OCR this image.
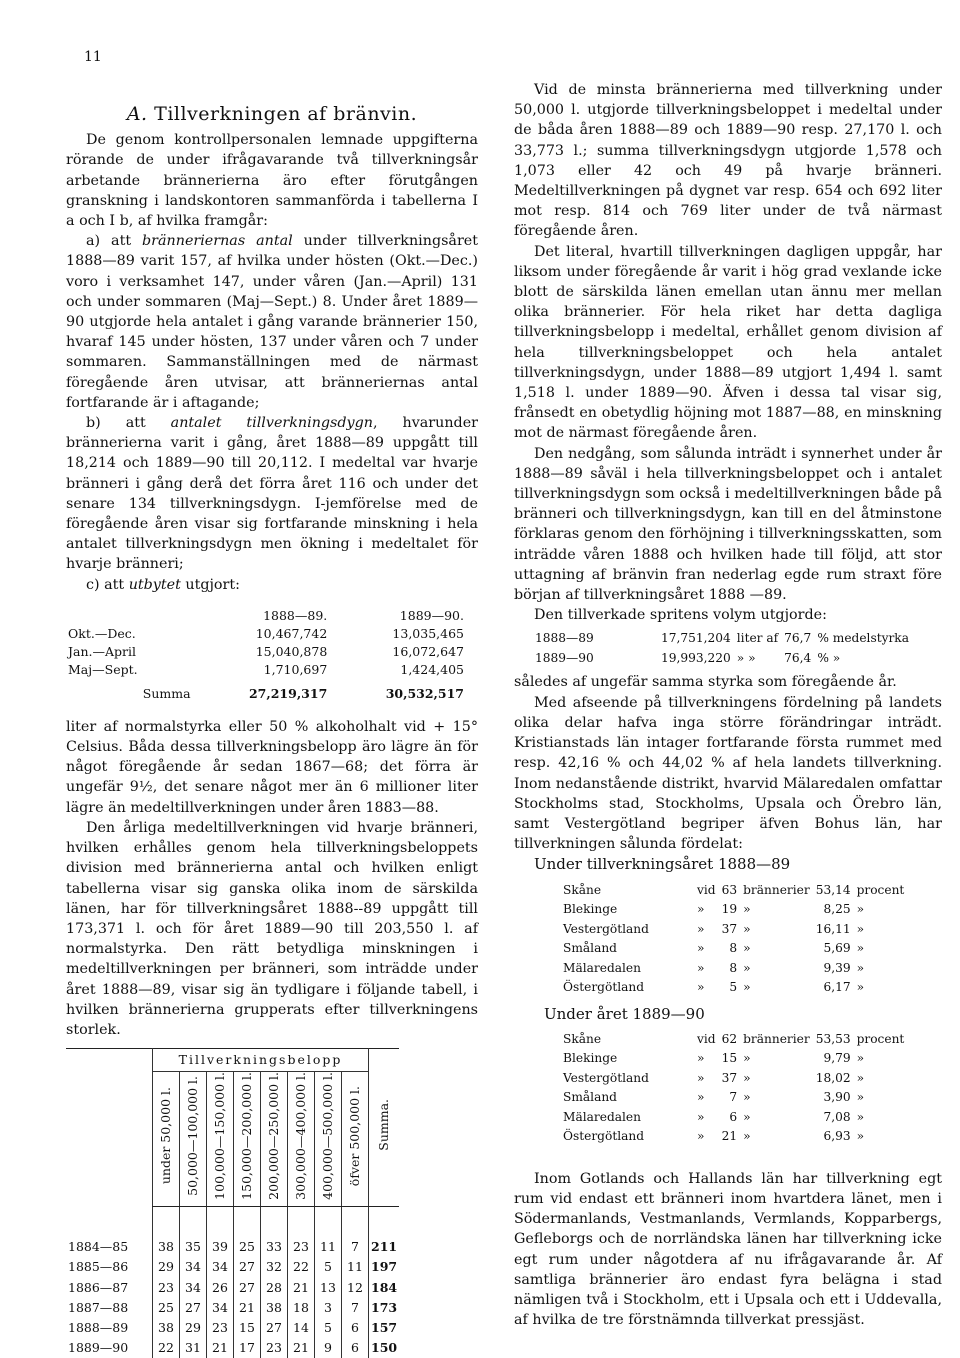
11
A. Tillverkningen af bränvin.

De genom kontrollpersonalen lemnade uppgifterna rörande de under ifrågavarande två tillverkningsår arbetande brännerierna äro efter förutgången granskning i landskontoren sammanförda i tabellerna I a och I b, af hvilka framgår:

a) att bränneriernas antal under tillverkningsåret 1888—89 varit 157, af hvilka under hösten (Okt.—Dec.) voro i verksamhet 147, under våren (Jan.—April) 131 och under sommaren (Maj—Sept.) 8. Under året 1889—90 utgjorde hela antalet i gång varande brännerier 150, hvaraf 145 under hösten, 137 under våren och 7 under sommaren. Sammanställningen med de närmast föregående åren utvisar, att bränneriernas antal fortfarande är i aftagande;

b) att antalet tillverkningsdygn, hvarunder brännerierna varit i gång, året 1888—89 uppgått till 18,214 och 1889—90 till 20,112. I medeltal var hvarje bränneri i gång derå det förra året 116 och under det senare 134 tillverkningsdygn. I-jemförelse med de föregående åren visar sig fortfarande minskning i hela antalet tillverkningsdygn men ökning i medeltalet för hvarje bränneri;

c) att utbytet utgjort:

	1888—89.	1889—90.
Okt.—Dec.	10,467,742	13,035,465
Jan.—April	15,040,878	16,072,647
Maj—Sept.	1,710,697	1,424,405
Summa	27,219,317	30,532,517

liter af normalstyrka eller 50 % alkoholhalt vid + 15° Celsius. Båda dessa tillverkningsbelopp äro lägre än för något föregående år sedan 1867—68; det förra är ungefär 9½, det senare något mer än 6 millioner liter lägre än medeltillverkningen under åren 1883—88.

Den årliga medeltillverkningen vid hvarje bränneri, hvilken erhålles genom hela tillverkningsbeloppets division med brännerierna antal och hvilken enligt tabellerna visar sig ganska olika inom de särskilda länen, har för tillverkningsåret 1888--89 uppgått till 173,371 l. och för året 1889—90 till 203,550 l. af normalstyrka. Den rätt betydliga minskningen i medeltillverkningen per bränneri, som inträdde under året 1888—89, visar sig än tydligare i följande tabell, i hvilken brännerierna grupperats efter tillverkningens storlek.

	Tillverkningsbelopp								Summa.
	under 50,000 l.	50,000—100,000 l.	100,000—150,000 l.	150,000—200,000 l.	200,000—250,000 l.	300,000—400,000 l.	400,000—500,000 l.	öfver 500,000 l.	

1884—85	38	35	39	25	33	23	11	7	211
1885—86	29	34	34	27	32	22	5	11	197
1886—87	23	34	26	27	28	21	13	12	184
1887—88	25	27	34	21	38	18	3	7	173
1888—89	38	29	23	15	27	14	5	6	157
1889—90	22	31	21	17	23	21	9	6	150

Vid de minsta brännerierna med tillverkning under 50,000 l. utgjorde tillverkningsbeloppet i medeltal under de båda åren 1888—89 och 1889—90 resp. 27,170 l. och 33,773 l.; summa tillverkningsdygn utgjorde 1,578 och 1,073 eller 42 och 49 på hvarje bränneri. Medeltillverkningen på dygnet var resp. 654 och 692 liter mot resp. 814 och 769 liter under de två närmast föregående åren.

Det literal, hvartill tillverkningen dagligen uppgår, har liksom under föregående år varit i hög grad vexlande icke blott de särskilda länen emellan utan ännu mer mellan olika brännerier. För hela riket har detta dagliga tillverkningsbelopp i medeltal, erhållet genom division af hela tillverkningsbeloppet och hela antalet tillverkningsdygn, under 1888—89 utgjort 1,494 l. samt 1,518 l. under 1889—90. Äfven i dessa tal visar sig, frånsedt en obetydlig höjning mot 1887—88, en minskning mot de närmast föregående åren.

Den nedgång, som sålunda inträdt i synnerhet under år 1888—89 såväl i hela tillverkningsbeloppet och i antalet tillverkningsdygn som också i medeltillverkningen både på bränneri och tillverkningsdygn, kan till en del åtminstone förklaras genom den förhöjning i tillverkningsskatten, som inträdde våren 1888 och hvilken hade till följd, att stor uttagning af bränvin fran nederlag egde rum straxt före början af tillverkningsåret 1888 —89.

Den tillverkade spritens volym utgjorde:

1888—89	17,751,204	liter af	76,7	% medelstyrka
1889—90	19,993,220	» »	76,4	% »

således af ungefär samma styrka som föregående år.

Med afseende på tillverkningens fördelning på landets olika delar hafva inga större förändringar inträdt. Kristianstads län intager fortfarande första rummet med resp. 42,16 % och 44,02 % af hela landets tillverkning. Inom nedanstående distrikt, hvarvid Mälaredalen omfattar Stockholms stad, Stockholms, Upsala och Örebro län, samt Vestergötland begriper äfven Bohus län, har tillverkningen sålunda fördelat:

Under tillverkningsåret 1888—89

Skåne	vid	63	brännerier	53,14	procent
Blekinge	»	19	»	8,25	»
Vestergötland	»	37	»	16,11	»
Småland	»	8	»	5,69	»
Mälaredalen	»	8	»	9,39	»
Östergötland	»	5	»	6,17	»

Under året 1889—90

Skåne	vid	62	brännerier	53,53	procent
Blekinge	»	15	»	9,79	»
Vestergötland	»	37	»	18,02	»
Småland	»	7	»	3,90	»
Mälaredalen	»	6	»	7,08	»
Östergötland	»	21	»	6,93	»

Inom Gotlands och Hallands län har tillverkning egt rum vid endast ett bränneri inom hvartdera länet, men i Södermanlands, Vestmanlands, Vermlands, Kopparbergs, Gefleborgs och de norrländska länen har tillverkning icke egt rum under någotdera af nu ifrågavarande år. Af samtliga brännerier äro endast fyra belägna i stad nämligen två i Stockholm, ett i Upsala och ett i Uddevalla, af hvilka de tre förstnämnda tillverkat pressjäst.
